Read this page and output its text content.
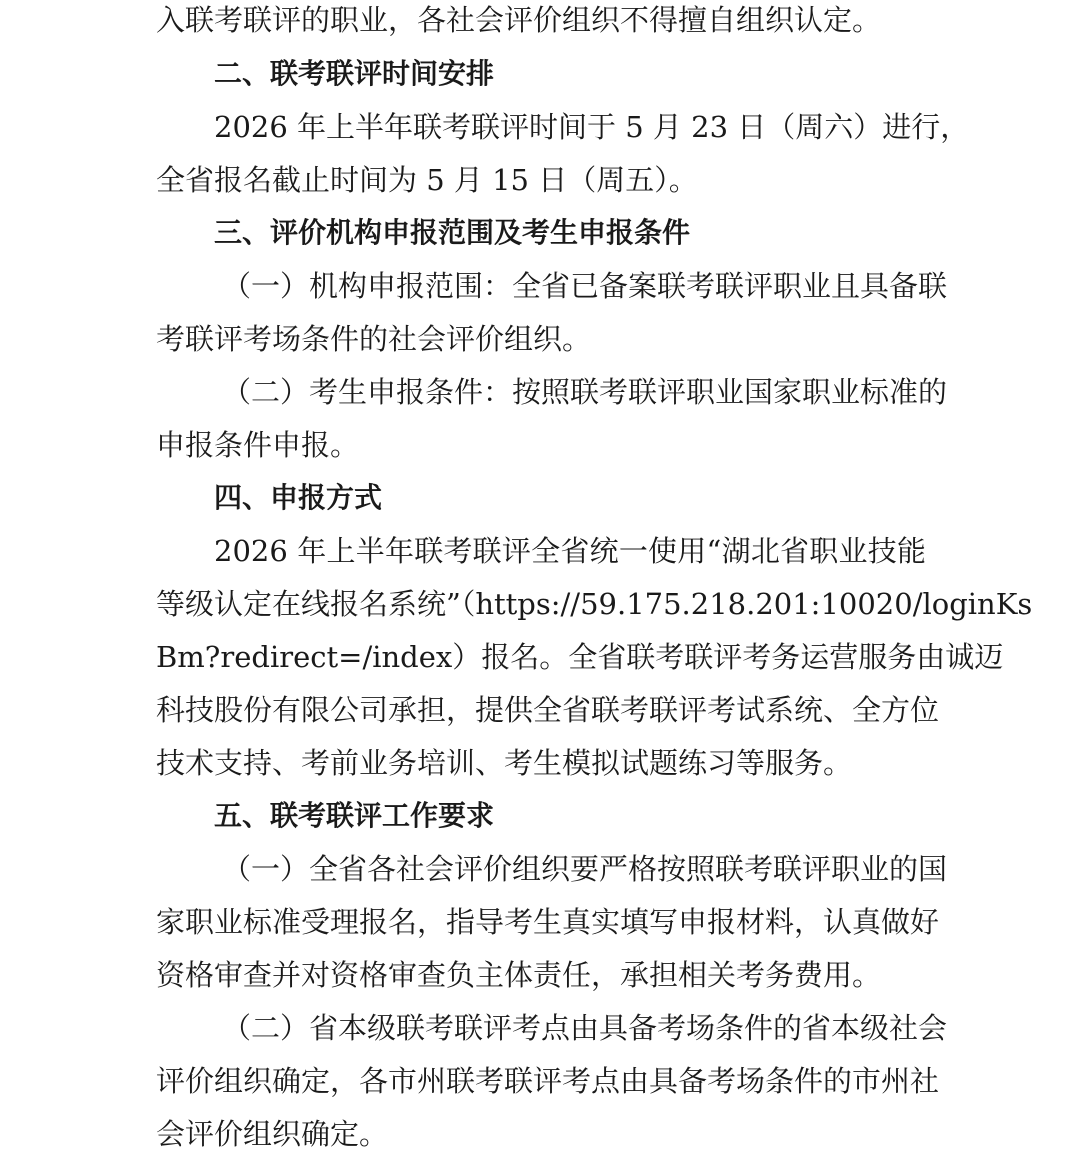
入联考联评的职业，各社会评价组织不得擅自组织认定。
二、联考联评时间安排
2026 年上半年联考联评时间于 5 月 23 日（周六）进行，
全省报名截止时间为 5 月 15 日（周五）。
三、评价机构申报范围及考生申报条件
（一）机构申报范围：全省已备案联考联评职业且具备联
考联评考场条件的社会评价组织。
（二）考生申报条件：按照联考联评职业国家职业标准的
申报条件申报。
四、申报方式
2026 年上半年联考联评全省统一使用“湖北省职业技能
等级认定在线报名系统”（https://59.175.218.201:10020/loginKs
Bm?redirect=/index）报名。全省联考联评考务运营服务由诚迈
科技股份有限公司承担，提供全省联考联评考试系统、全方位
技术支持、考前业务培训、考生模拟试题练习等服务。
五、联考联评工作要求
（一）全省各社会评价组织要严格按照联考联评职业的国
家职业标准受理报名，指导考生真实填写申报材料，认真做好
资格审查并对资格审查负主体责任，承担相关考务费用。
（二）省本级联考联评考点由具备考场条件的省本级社会
评价组织确定，各市州联考联评考点由具备考场条件的市州社
会评价组织确定。
